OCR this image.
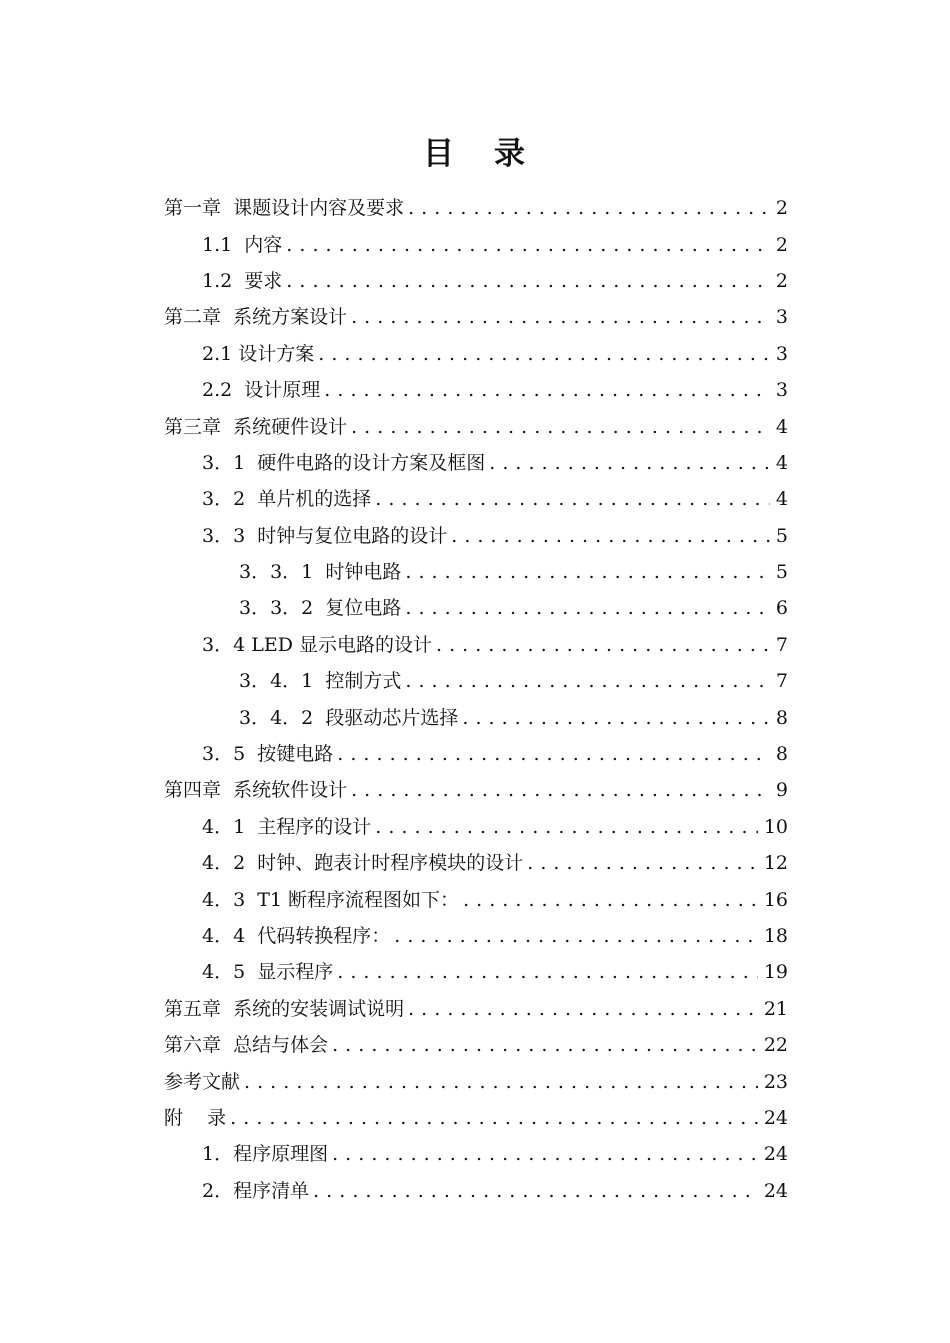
目 录
第一章  课题设计内容及要求 . . .	2
1.1  内容 . . .	2
1.2  要求 . . .	2
第二章  系统方案设计 . . .	3
2.1 设计方案 . . .	3
2.2  设计原理 . . .	3
第三章  系统硬件设计 . . .	4
3．1  硬件电路的设计方案及框图 . . .	4
3．2  单片机的选择 . . .	4
3．3  时钟与复位电路的设计 . . .	5
3．3．1  时钟电路 . . .	5
3．3．2  复位电路 . . .	6
3．4 LED 显示电路的设计 . . .	7
3．4．1  控制方式 . . .	7
3．4．2  段驱动芯片选择 . . .	8
3．5  按键电路 . . .	8
第四章  系统软件设计 . . .	9
4．1  主程序的设计 . . .	10
4．2  时钟、跑表计时程序模块的设计 . . .	12
4．3  T1 断程序流程图如下： . . .	16
4．4  代码转换程序： . . .	18
4．5  显示程序 . . .	19
第五章  系统的安装调试说明 . . .	21
第六章  总结与体会 . . .	22
参考文献 . . .	23
附    录 . . .	24
1．程序原理图 . . .	24
2．程序清单 . . .	24
